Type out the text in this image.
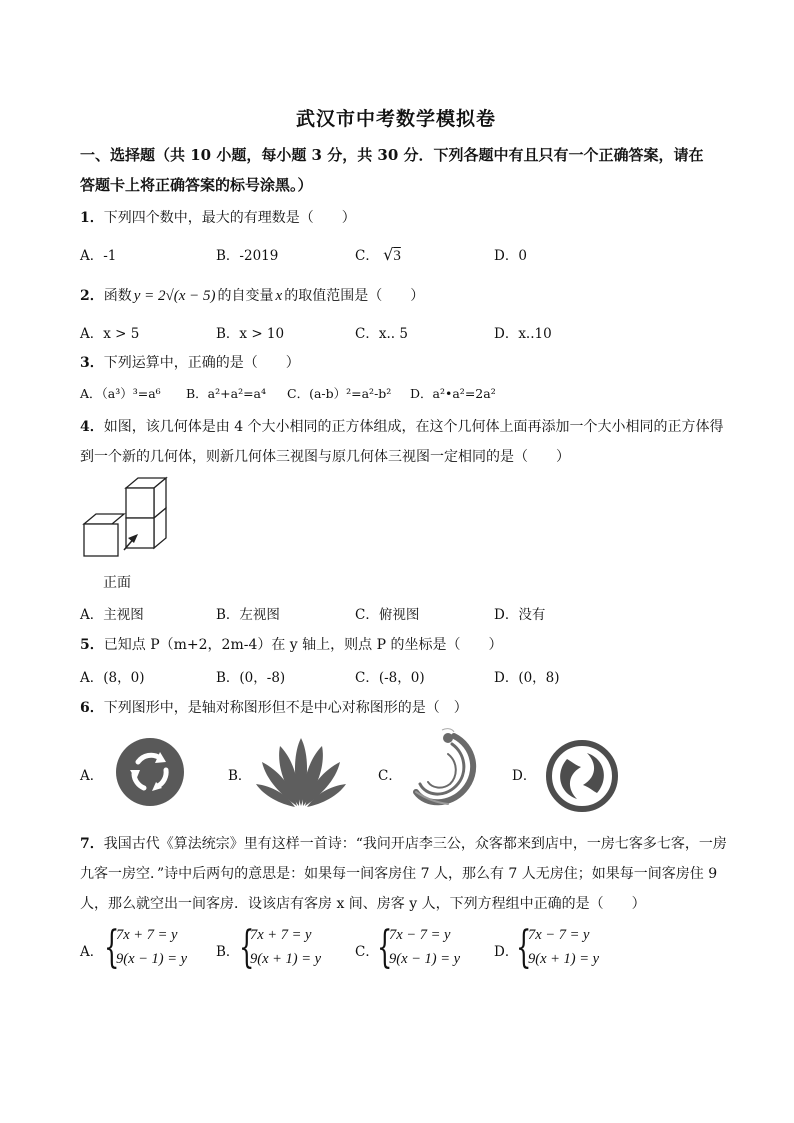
武汉市中考数学模拟卷
一、选择题（共 10 小题，每小题 3 分，共 30 分．下列各题中有且只有一个正确答案，请在
答题卡上将正确答案的标号涂黑。）
1．下列四个数中，最大的有理数是（　　）
A．-1	B．-2019	C． √3	D．0
2．函数 y = 2√(x − 5) 的自变量 x 的取值范围是（　　）
A．x > 5	B．x > 10	C．x.. 5	D．x..10
3．下列运算中，正确的是（　　）
A．（a³）³=a⁶ B．a²+a²=a⁴ C．(a-b）²=a²-b² D．a²•a²=2a²
4．如图，该几何体是由 4 个大小相同的正方体组成，在这个几何体上面再添加一个大小相同的正方体得
到一个新的几何体，则新几何体三视图与原几何体三视图一定相同的是（　　）
正面
A．主视图	B．左视图	C．俯视图	D．没有
5．已知点 P（m+2，2m-4）在 y 轴上，则点 P 的坐标是（　　）
A．(8，0)	B．(0，-8)	C．(-8，0)	D．(0，8)
6．下列图形中，是轴对称图形但不是中心对称图形的是（　）
A．	B．	C．	D．
7．我国古代《算法统宗》里有这样一首诗：“我问开店李三公，众客都来到店中，一房七客多七客，一房
九客一房空．”诗中后两句的意思是：如果每一间客房住 7 人，那么有 7 人无房住；如果每一间客房住 9
人，那么就空出一间客房．设该店有客房 x 间、房客 y 人，下列方程组中正确的是（　　）
A． {
7x + 7 = y
9(x − 1) = y B． {
7x + 7 = y
9(x + 1) = y	C．
{
7x − 7 = y
9(x − 1) = y	D．
{
7x − 7 = y
9(x + 1) = y
